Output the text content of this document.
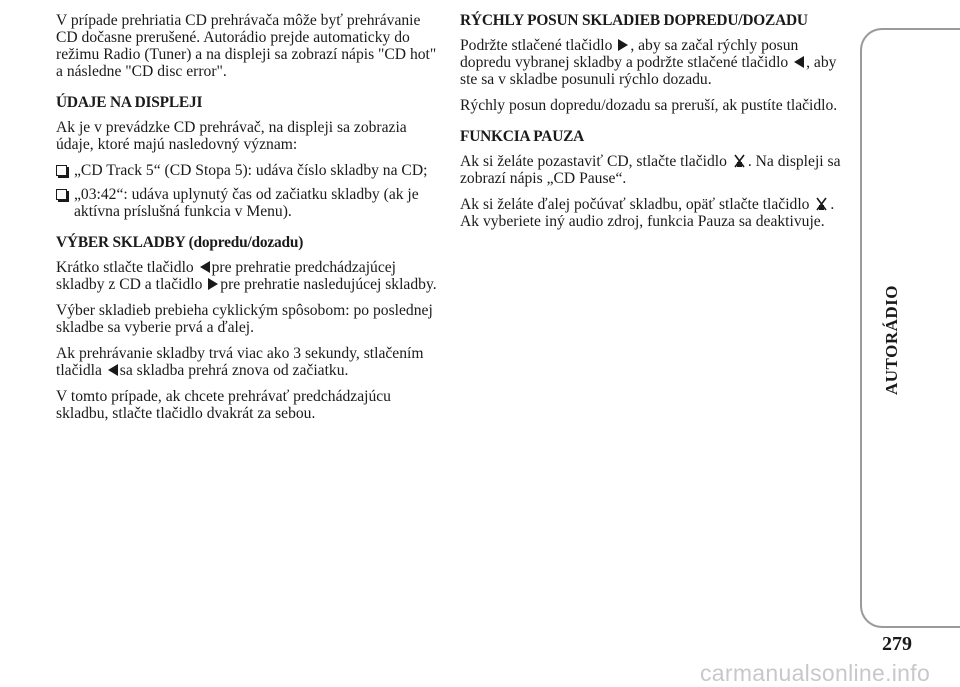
V prípade prehriatia CD prehrávača môže byť prehrávanie CD dočasne prerušené. Autorádio prejde automaticky do režimu Radio (Tuner) a na displeji sa zobrazí nápis "CD hot" a následne "CD disc error".

ÚDAJE NA DISPLEJI

Ak je v prevádzke CD prehrávač, na displeji sa zobrazia údaje, ktoré majú nasledovný význam:

„CD Track 5“ (CD Stopa 5): udáva číslo skladby na CD;
„03:42“: udáva uplynutý čas od začiatku skladby (ak je aktívna príslušná funkcia v Menu).
VÝBER SKLADBY (dopredu/dozadu)

Krátko stlačte tlačidlo pre prehratie predchádzajúcej skladby z CD a tlačidlo pre prehratie nasledujúcej skladby.

Výber skladieb prebieha cyklickým spôsobom: po poslednej skladbe sa vyberie prvá a ďalej.

Ak prehrávanie skladby trvá viac ako 3 sekundy, stlačením tlačidla sa skladba prehrá znova od začiatku.

V tomto prípade, ak chcete prehrávať predchádzajúcu skladbu, stlačte tlačidlo dvakrát za sebou.

RÝCHLY POSUN SKLADIEB DOPREDU/DOZADU

Podržte stlačené tlačidlo , aby sa začal rýchly posun dopredu vybranej skladby a podržte stlačené tlačidlo , aby ste sa v skladbe posunuli rýchlo dozadu.

Rýchly posun dopredu/dozadu sa preruší, ak pustíte tlačidlo.

FUNKCIA PAUZA

Ak si želáte pozastaviť CD, stlačte tlačidlo . Na displeji sa zobrazí nápis „CD Pause“.

Ak si želáte ďalej počúvať skladbu, opäť stlačte tlačidlo . Ak vyberiete iný audio zdroj, funkcia Pauza sa deaktivuje.

AUTORÁDIO
279
carmanualsonline.info
